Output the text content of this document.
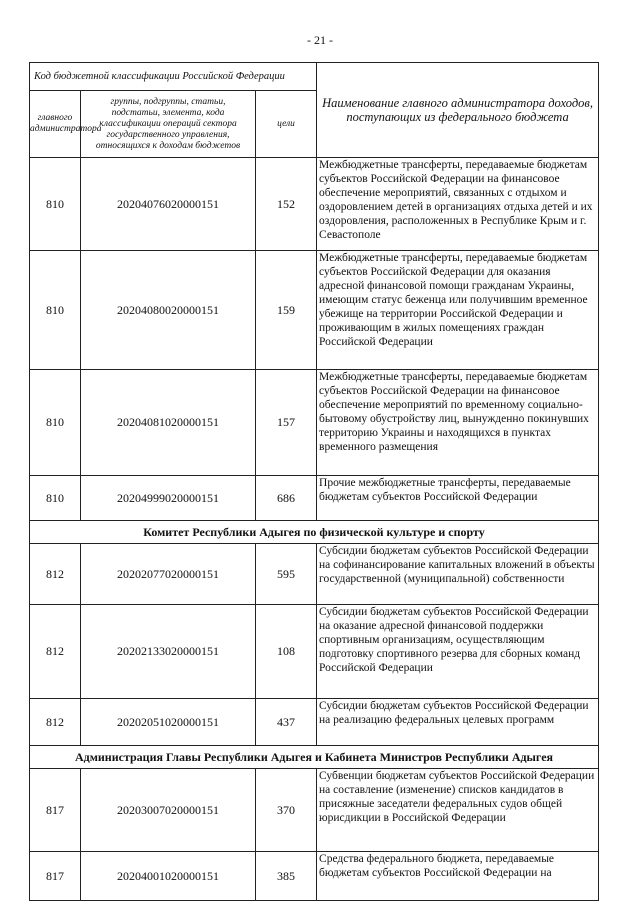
- 21 -
Код бюджетной классификации Российской Федерации			Наименование главного администратора доходов, поступающих из федерального бюджета
главного администратора	группы, подгруппы, статьи, подстатьи, элемента, кода классификации операций сектора государственного управления, относящихся к доходам бюджетов	цели	
810	20204076020000151	152	Межбюджетные трансферты, передаваемые бюджетам субъектов Российской Федерации на финансовое обеспечение мероприятий, связанных с отдыхом и оздоровлением детей в организациях отдыха детей и их оздоровления, расположенных в Республике Крым и г. Севастополе
810	20204080020000151	159	Межбюджетные трансферты, передаваемые бюджетам субъектов Российской Федерации для оказания адресной финансовой помощи гражданам Украины, имеющим статус беженца или получившим временное убежище на территории Российской Федерации и проживающим в жилых помещениях граждан Российской Федерации
810	20204081020000151	157	Межбюджетные трансферты, передаваемые бюджетам субъектов Российской Федерации на финансовое обеспечение мероприятий по временному социально-бытовому обустройству лиц, вынужденно покинувших территорию Украины и находящихся в пунктах временного размещения
810	20204999020000151	686	Прочие межбюджетные трансферты, передаваемые бюджетам субъектов Российской Федерации
Комитет Республики Адыгея по физической культуре и спорту			
812	20202077020000151	595	Субсидии бюджетам субъектов Российской Федерации на софинансирование капитальных вложений в объекты государственной (муниципальной) собственности
812	20202133020000151	108	Субсидии бюджетам субъектов Российской Федерации на оказание адресной финансовой поддержки спортивным организациям, осуществляющим подготовку спортивного резерва для сборных команд Российской Федерации
812	20202051020000151	437	Субсидии бюджетам субъектов Российской Федерации на реализацию федеральных целевых программ
Администрация Главы Республики Адыгея и Кабинета Министров Республики Адыгея			
817	20203007020000151	370	Субвенции бюджетам субъектов Российской Федерации на составление (изменение) списков кандидатов в присяжные заседатели федеральных судов общей юрисдикции в Российской Федерации
817	20204001020000151	385	Средства федерального бюджета, передаваемые бюджетам субъектов Российской Федерации на
